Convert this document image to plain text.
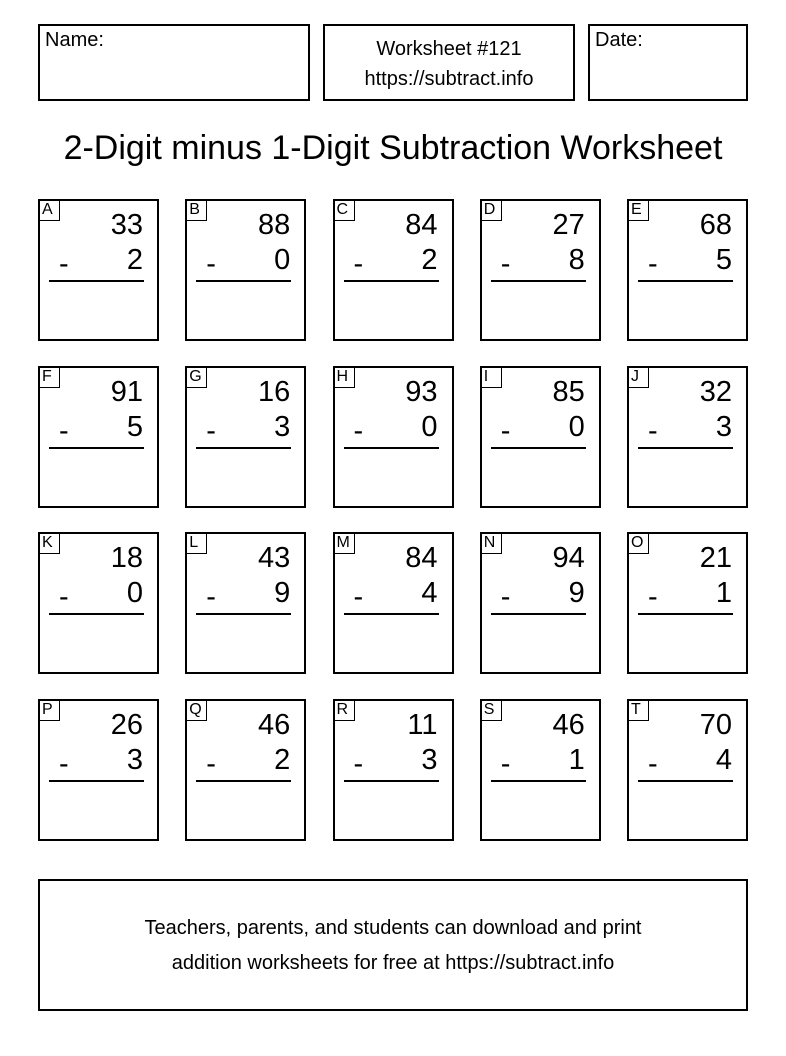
Name:	Worksheet #121
https://subtract.info
Date:
2-Digit minus 1-Digit Subtraction Worksheet
A 33
- 2
B 88
- 0
C 84
- 2
D 27
- 8
E 68
- 5
F 91
- 5
G 16
- 3
H 93
- 0
I	85
- 0
J	32
- 3
K 18
- 0
L	43
- 9
M 84
- 4
N 94
- 9
O 21
- 1
P 26
- 3
Q 46
- 2
R 11
- 3
S 46
- 1
T 70
- 4
Teachers, parents, and students can download and print
addition worksheets for free at https://subtract.info
